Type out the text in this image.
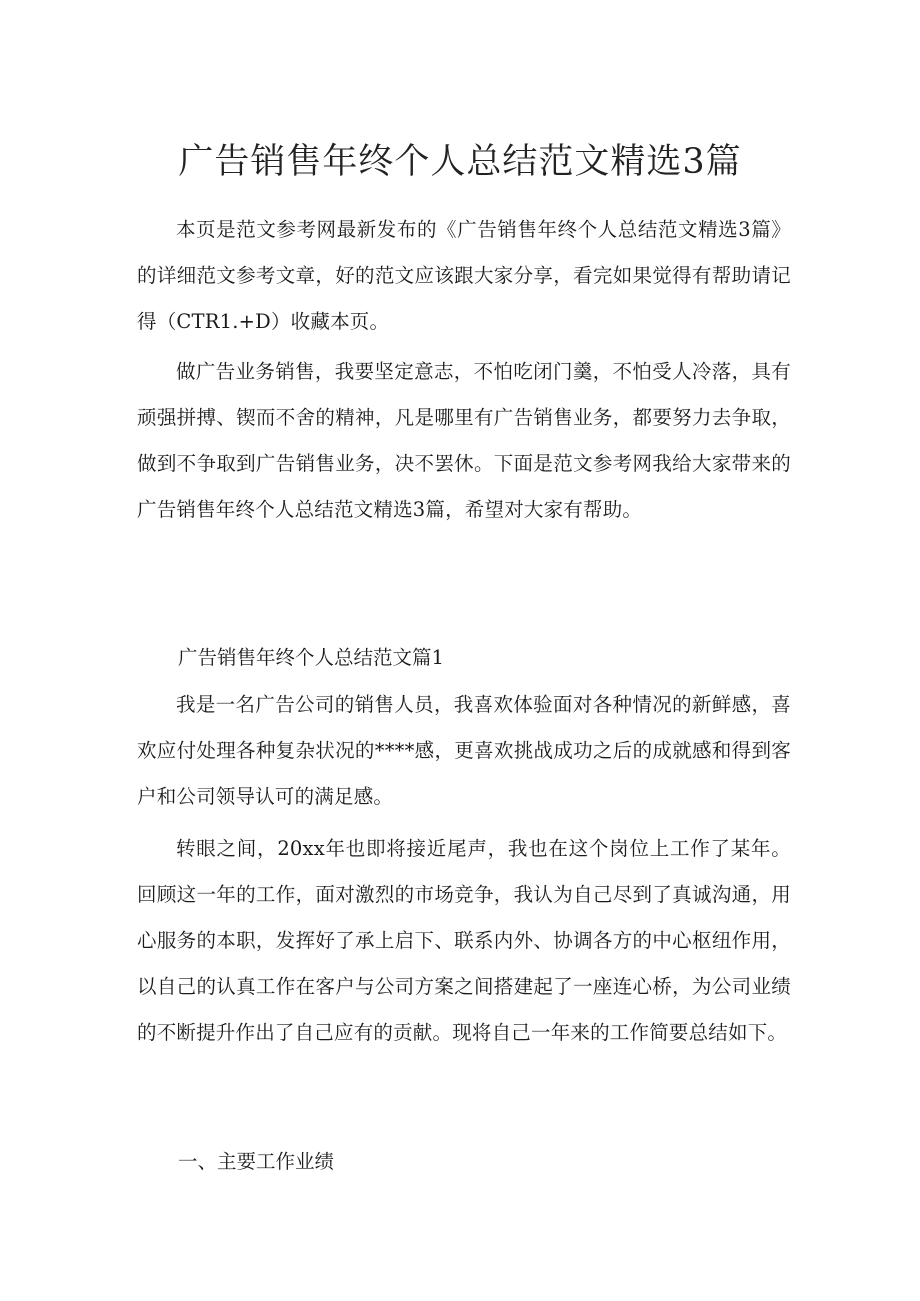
广告销售年终个人总结范文精选3篇

本页是范文参考网最新发布的《广告销售年终个人总结范文精选3篇》的详细范文参考文章，好的范文应该跟大家分享，看完如果觉得有帮助请记得（CTR1.+D）收藏本页。

做广告业务销售，我要坚定意志，不怕吃闭门羹，不怕受人冷落，具有顽强拼搏、锲而不舍的精神，凡是哪里有广告销售业务，都要努力去争取，做到不争取到广告销售业务，决不罢休。下面是范文参考网我给大家带来的广告销售年终个人总结范文精选3篇，希望对大家有帮助。

广告销售年终个人总结范文篇1

我是一名广告公司的销售人员，我喜欢体验面对各种情况的新鲜感，喜欢应付处理各种复杂状况的****感，更喜欢挑战成功之后的成就感和得到客户和公司领导认可的满足感。

转眼之间，20xx年也即将接近尾声，我也在这个岗位上工作了某年。回顾这一年的工作，面对激烈的市场竞争，我认为自己尽到了真诚沟通，用心服务的本职，发挥好了承上启下、联系内外、协调各方的中心枢纽作用，以自己的认真工作在客户与公司方案之间搭建起了一座连心桥，为公司业绩的不断提升作出了自己应有的贡献。现将自己一年来的工作简要总结如下。

一、主要工作业绩
